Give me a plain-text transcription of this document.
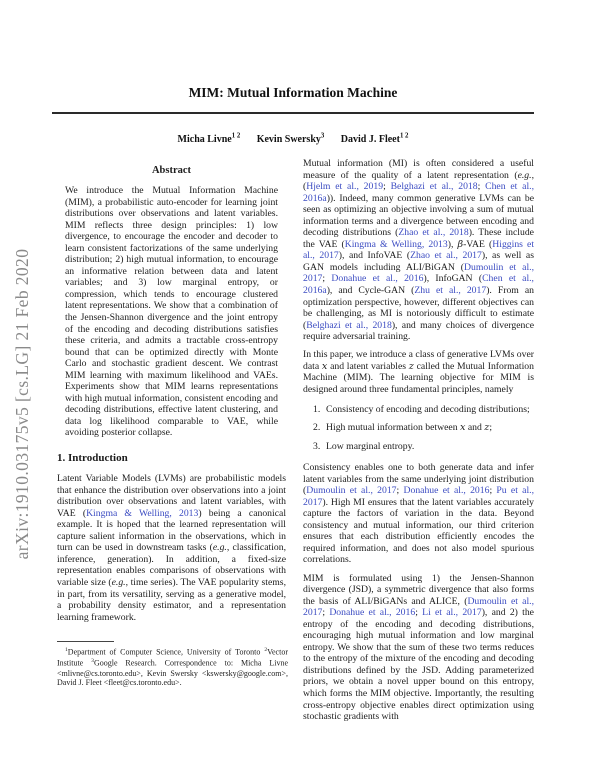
arXiv:1910.03175v5 [cs.LG] 21 Feb 2020
MIM: Mutual Information Machine
Micha Livne$^{1 2}$ Kevin Swersky$^3$ David J. Fleet$^{1 2}$
Abstract
We introduce the Mutual Information Machine (MIM), a probabilistic auto-encoder for learning joint distributions over observations and latent variables. MIM reflects three design principles: 1) low divergence, to encourage the encoder and decoder to learn consistent factorizations of the same underlying distribution; 2) high mutual information, to encourage an informative relation between data and latent variables; and 3) low marginal entropy, or compression, which tends to encourage clustered latent representations. We show that a combination of the Jensen-Shannon divergence and the joint entropy of the encoding and decoding distributions satisfies these criteria, and admits a tractable cross-entropy bound that can be optimized directly with Monte Carlo and stochastic gradient descent. We contrast MIM learning with maximum likelihood and VAEs. Experiments show that MIM learns representations with high mutual information, consistent encoding and decoding distributions, effective latent clustering, and data log likelihood comparable to VAE, while avoiding posterior collapse.
1. Introduction
Latent Variable Models (LVMs) are probabilistic models that enhance the distribution over observations into a joint distribution over observations and latent variables, with VAE (Kingma & Welling, 2013) being a canonical example. It is hoped that the learned representation will capture salient information in the observations, which in turn can be used in downstream tasks (e.g., classification, inference, generation). In addition, a fixed-size representation enables comparisons of observations with variable size (e.g., time series). The VAE popularity stems, in part, from its versatility, serving as a generative model, a probability density estimator, and a representation learning framework.
$^1$Department of Computer Science, University of Toronto $^2$Vector Institute $^3$Google Research. Correspondence to: Micha Livne <mlivne@cs.toronto.edu>, Kevin Swersky <kswersky@google.com>, David J. Fleet <fleet@cs.toronto.edu>.
Mutual information (MI) is often considered a useful measure of the quality of a latent representation (e.g., (Hjelm et al., 2019; Belghazi et al., 2018; Chen et al., 2016a)). Indeed, many common generative LVMs can be seen as optimizing an objective involving a sum of mutual information terms and a divergence between encoding and decoding distributions (Zhao et al., 2018). These include the VAE (Kingma & Welling, 2013), β-VAE (Higgins et al., 2017), and InfoVAE (Zhao et al., 2017), as well as GAN models including ALI/BiGAN (Dumoulin et al., 2017; Donahue et al., 2016), InfoGAN (Chen et al., 2016a), and Cycle-GAN (Zhu et al., 2017). From an optimization perspective, however, different objectives can be challenging, as MI is notoriously difficult to estimate (Belghazi et al., 2018), and many choices of divergence require adversarial training.
In this paper, we introduce a class of generative LVMs over data x and latent variables z called the Mutual Information Machine (MIM). The learning objective for MIM is designed around three fundamental principles, namely
1. Consistency of encoding and decoding distributions;
2. High mutual information between x and z;
3. Low marginal entropy.
Consistency enables one to both generate data and infer latent variables from the same underlying joint distribution (Dumoulin et al., 2017; Donahue et al., 2016; Pu et al., 2017). High MI ensures that the latent variables accurately capture the factors of variation in the data. Beyond consistency and mutual information, our third criterion ensures that each distribution efficiently encodes the required information, and does not also model spurious correlations.
MIM is formulated using 1) the Jensen-Shannon divergence (JSD), a symmetric divergence that also forms the basis of ALI/BiGANs and ALICE, (Dumoulin et al., 2017; Donahue et al., 2016; Li et al., 2017), and 2) the entropy of the encoding and decoding distributions, encouraging high mutual information and low marginal entropy. We show that the sum of these two terms reduces to the entropy of the mixture of the encoding and decoding distributions defined by the JSD. Adding parameterized priors, we obtain a novel upper bound on this entropy, which forms the MIM objective. Importantly, the resulting cross-entropy objective enables direct optimization using stochastic gradients with
